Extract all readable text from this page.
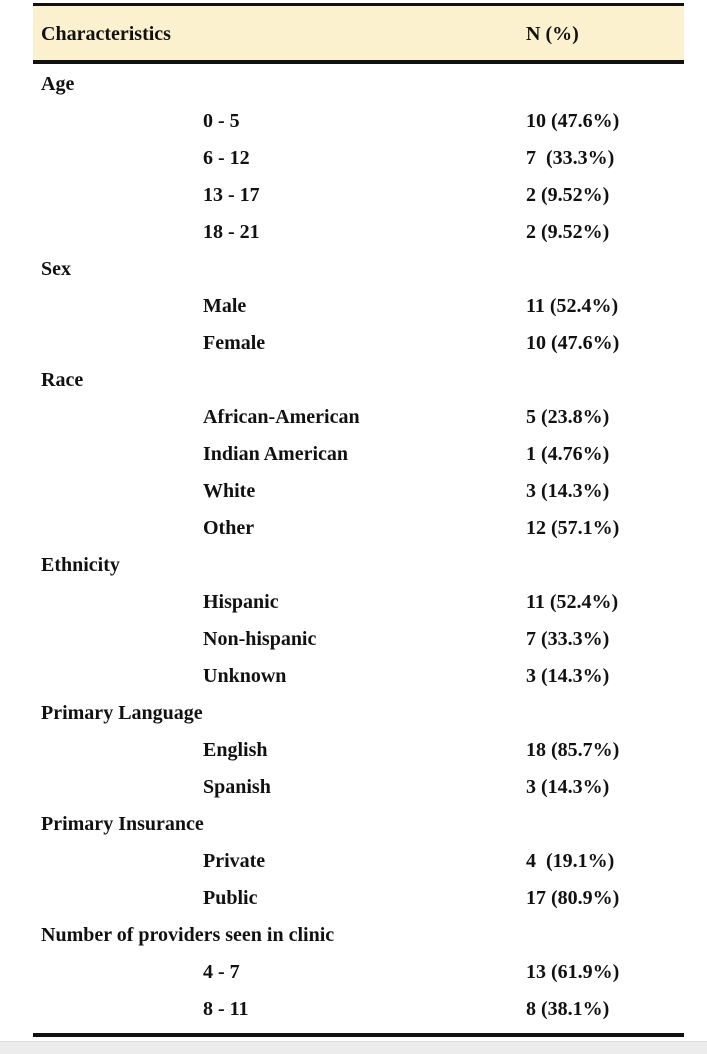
Characteristics	N (%)
Age
0 - 5	10 (47.6%)
6 - 12	7  (33.3%)
13 - 17	2 (9.52%)
18 - 21	2 (9.52%)
Sex
Male	11 (52.4%)
Female	10 (47.6%)
Race
African-American	5 (23.8%)
Indian American	1 (4.76%)
White	3 (14.3%)
Other	12 (57.1%)
Ethnicity
Hispanic	11 (52.4%)
Non-hispanic	7 (33.3%)
Unknown	3 (14.3%)
Primary Language
English	18 (85.7%)
Spanish	3 (14.3%)
Primary Insurance
Private	4  (19.1%)
Public	17 (80.9%)
Number of providers seen in clinic
4 - 7	13 (61.9%)
8 - 11	8 (38.1%)
